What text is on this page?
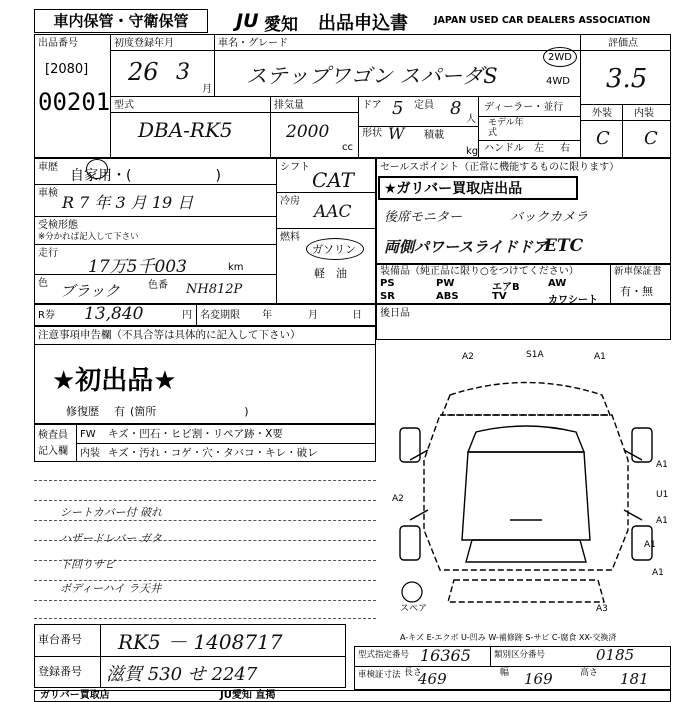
車内保管・守衛保管	JU 愛知 出品申込書	JAPAN USED CAR DEALERS ASSOCIATION
出品番号
[2080]
00201
初度登録年月
26 3
月
車名・グレード
ステップワゴン スパーダS
2WD
4WD
評価点
3.5
外装 内装
C C
型式
DBA-RK5
排気量
2000
cc
ドア 5 定員 8
人
形状 W 積載
kg
ディーラー・並行
モデル年式
ハンドル 左 右
車歴
自家用・(　　　　　　)
車検 R 7 年 3 月 19 日
受検形態
※分かれば記入して下さい
走行
17万5千003	km
色 ブラック	色番 NH812P
シフト
CAT
冷房
AAC
燃料
ガソリン
軽　油
セールスポイント（正常に機能するものに限ります）
★ガリバー買取店出品
後席モニター	バックカメラ
両側パワースライドドア
ETC
装備品（純正品に限り○をつけてください）	新車保証書
有・無
PS	PW	エアB	AW
SR	ABS	TV	カワシート
R券 13,840	円 名変期限 年	月	日 後日品
注意事項申告欄（不具合等は具体的に記入して下さい）
★初出品★
修復歴 有 (箇所　　　　　　　　)
検査員
記入欄
FW キズ・凹石・ヒビ割・リペア跡・X要
内装 キズ・汚れ・コゲ・穴・タバコ・キレ・破レ
シートカバー付 破れ
ハザードレバー ガタ
下回りサビ
ボディーハイ ラ天井
スペア
A2	S1A	A1
A2
A1
U1
A1
A1
A1
A3
A-キズ E-エクボ U-凹み W-補修跡 S-サビ C-腐食 XX-交換済
車台番号 RK5 － 1408717
登録番号 滋賀 530 せ 2247
型式指定番号 16365	類別区分番号	0185
車検証寸法 長さ
469	幅 169	高さ 181
ガリバー買取店	JU愛知 直掲
